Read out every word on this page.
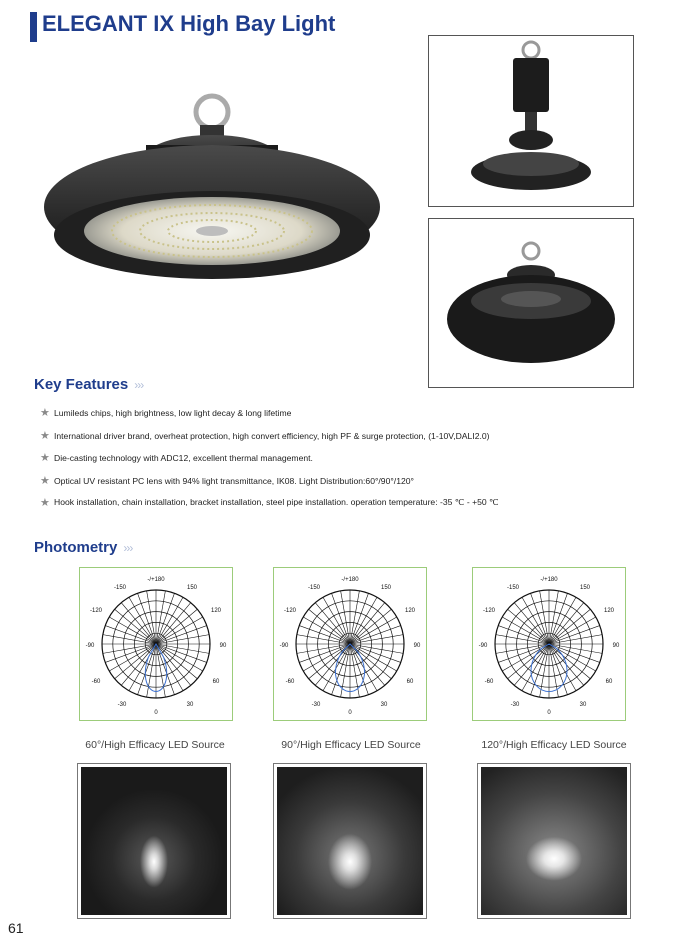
ELEGANT IX High Bay Light
Key Features ›››
★ Lumileds chips, high brightness, low light decay & long lifetime
★ International driver brand, overheat protection, high convert efficiency, high PF & surge protection, (1-10V,DALI2.0)
★ Die-casting technology with ADC12, excellent thermal management.
★ Optical UV resistant PC lens with 94% light transmittance, IK08. Light Distribution:60°/90°/120°
★ Hook installation, chain installation, bracket installation, steel pipe installation. operation temperature: -35 ℃ - +50 ℃
Photometry ›››
-/+180
-150	150
-120	120
-90	90
-60	60
-30	30
0
-/+180
-150	150
-120	120
-90	90
-60	60
-30	30
0
-/+180
-150	150
-120	120
-90	90
-60	60
-30	30
0
60°/High Efficacy LED Source	90°/High Efficacy LED Source	120°/High Efficacy LED Source
61
